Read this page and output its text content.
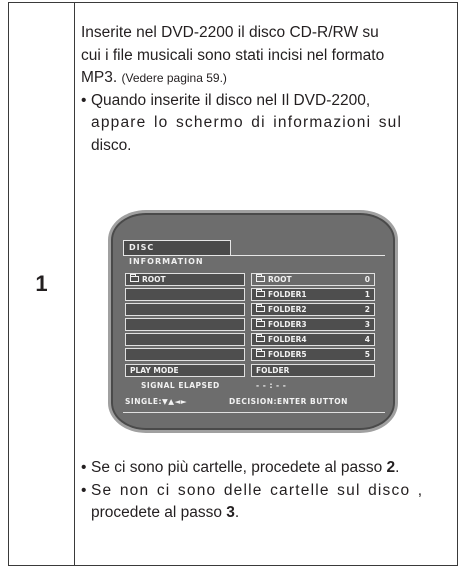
1
Inserite nel DVD-2200 il disco CD-R/RW su
cui i file musicali sono stati incisi nel formato
MP3. (Vedere pagina 59.)
• Quando inserite il disco nel Il DVD-2200,
appare lo schermo di informazioni sul
disco.
DISC INFORMATION
ROOT	ROOT	0
FOLDER1	1
FOLDER2	2
FOLDER3	3
FOLDER4	4
FOLDER5	5
PLAY MODE	FOLDER
SIGNAL ELAPSED	- - : - -
SINGLE:▼▲◄►	DECISION:ENTER BUTTON
• Se ci sono più cartelle, procedete al passo 2.
• Se non ci sono delle cartelle sul disco ,
procedete al passo 3.
